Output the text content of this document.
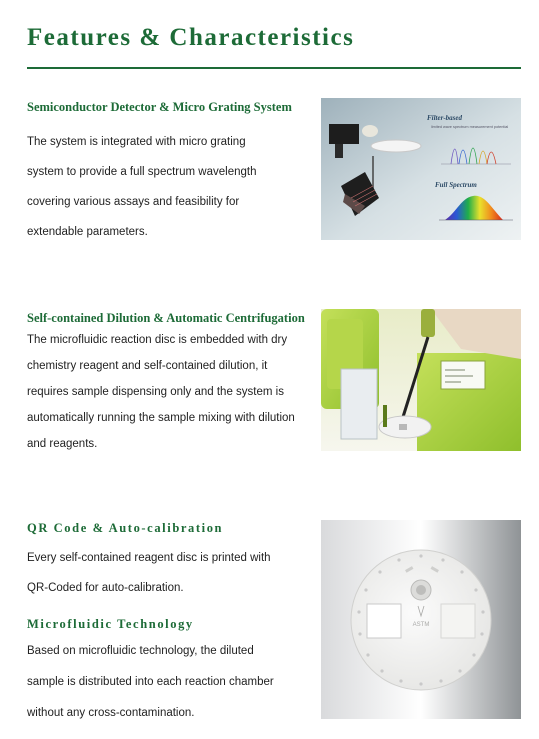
Features & Characteristics
Semiconductor Detector & Micro Grating System
The system is integrated with micro grating
system to provide a full spectrum wavelength
covering various assays and feasibility for
extendable parameters.
Filter-based
limited wave spectrum measurement potential
Full Spectrum
Self-contained Dilution & Automatic Centrifugation
The microfluidic reaction disc is embedded with dry
chemistry reagent and self-contained dilution, it
requires sample dispensing only and the system is
automatically running the sample mixing with dilution
and reagents.
QR Code & Auto-calibration
Every self-contained reagent disc is printed with
QR-Coded for auto-calibration.
Microfluidic Technology
Based on microfluidic technology, the diluted
sample is distributed into each reaction chamber
without any cross-contamination.
ASTM
